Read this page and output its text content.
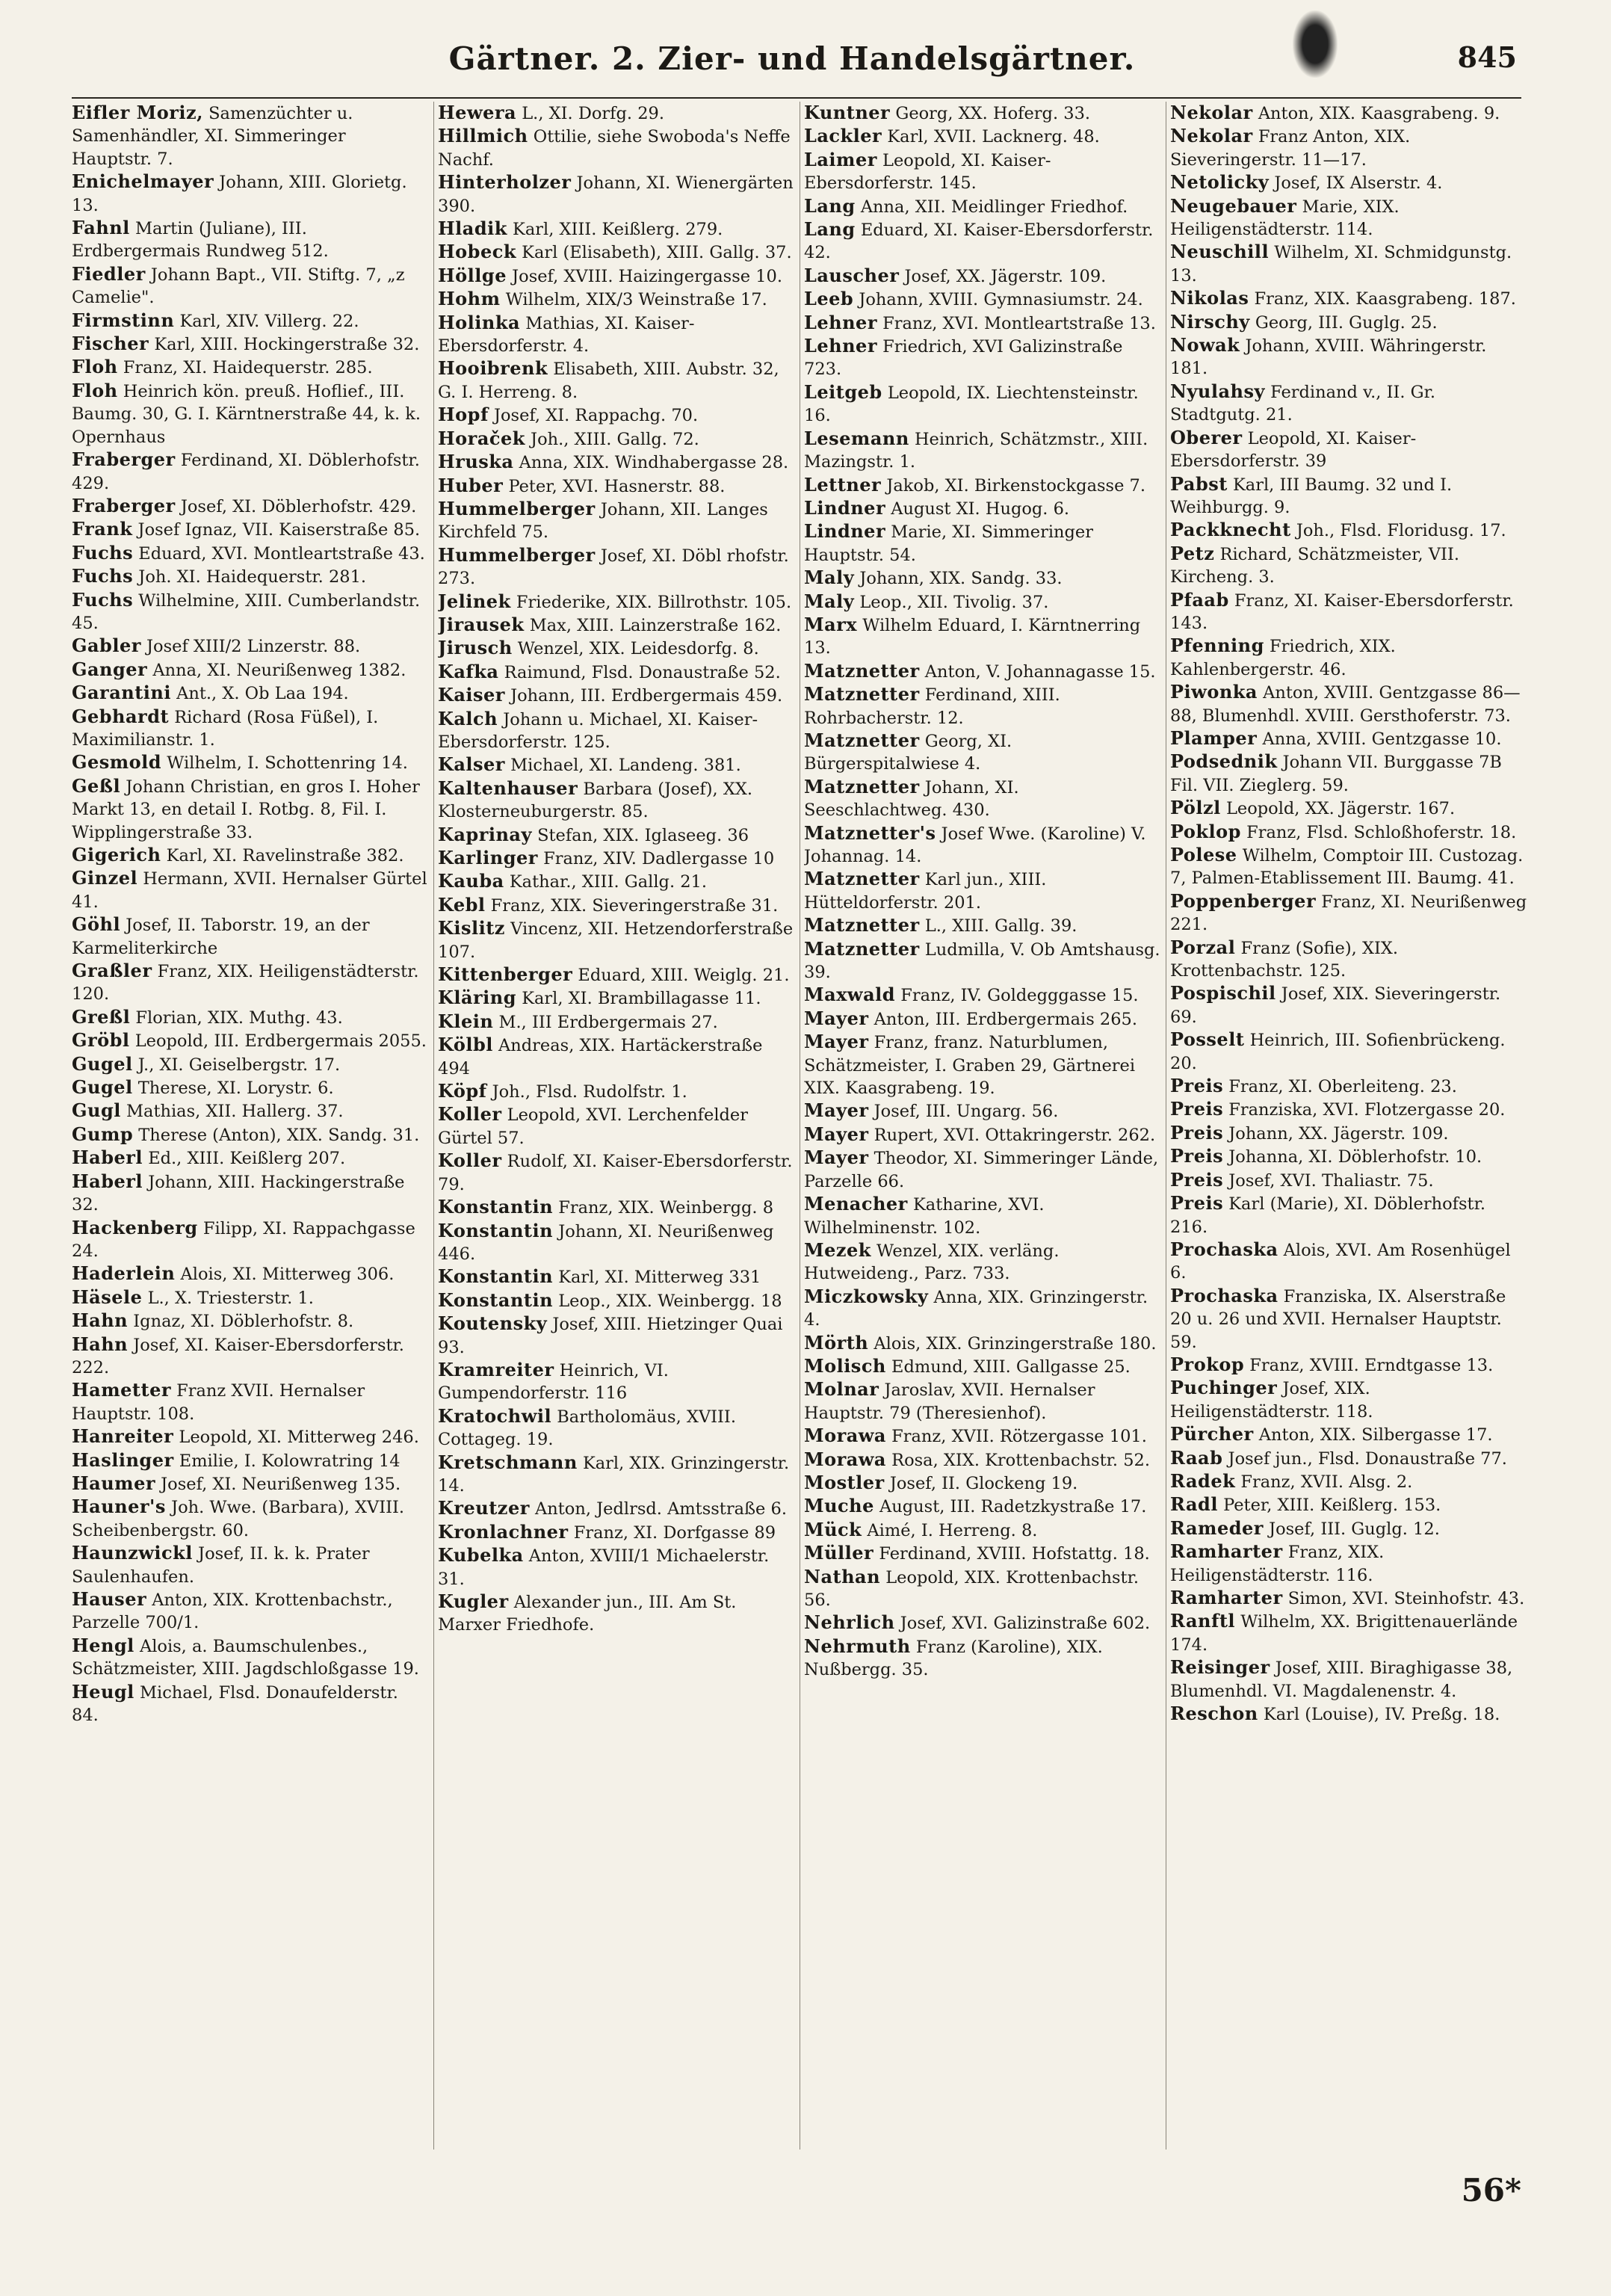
Gärtner. 2. Zier- und Handelsgärtner.	845

Eifler Moriz, Samenzüchter u. Samenhändler, XI. Simmeringer Hauptstr. 7.

Enichelmayer Johann, XIII. Glorietg. 13.

Fahnl Martin (Juliane), III. Erdbergermais Rundweg 512.

Fiedler Johann Bapt., VII. Stiftg. 7, „z Camelie".

Firmstinn Karl, XIV. Villerg. 22.

Fischer Karl, XIII. Hockingerstraße 32.

Floh Franz, XI. Haidequerstr. 285.

Floh Heinrich kön. preuß. Hoflief., III. Baumg. 30, G. I. Kärntnerstraße 44, k. k. Opernhaus

Fraberger Ferdinand, XI. Döblerhofstr. 429.

Fraberger Josef, XI. Döblerhofstr. 429.

Frank Josef Ignaz, VII. Kaiserstraße 85.

Fuchs Eduard, XVI. Montleartstraße 43.

Fuchs Joh. XI. Haidequerstr. 281.

Fuchs Wilhelmine, XIII. Cumberlandstr. 45.

Gabler Josef XIII/2 Linzerstr. 88.

Ganger Anna, XI. Neurißenweg 1382.

Garantini Ant., X. Ob Laa 194.

Gebhardt Richard (Rosa Füßel), I. Maximilianstr. 1.

Gesmold Wilhelm, I. Schottenring 14.

Geßl Johann Christian, en gros I. Hoher Markt 13, en detail I. Rotbg. 8, Fil. I. Wipplingerstraße 33.

Gigerich Karl, XI. Ravelinstraße 382.

Ginzel Hermann, XVII. Hernalser Gürtel 41.

Göhl Josef, II. Taborstr. 19, an der Karmeliterkirche

Graßler Franz, XIX. Heiligenstädterstr. 120.

Greßl Florian, XIX. Muthg. 43.

Gröbl Leopold, III. Erdbergermais 2055.

Gugel J., XI. Geiselbergstr. 17.

Gugel Therese, XI. Lorystr. 6.

Gugl Mathias, XII. Hallerg. 37.

Gump Therese (Anton), XIX. Sandg. 31.

Haberl Ed., XIII. Keißlerg 207.

Haberl Johann, XIII. Hackingerstraße 32.

Hackenberg Filipp, XI. Rappachgasse 24.

Haderlein Alois, XI. Mitterweg 306.

Häsele L., X. Triesterstr. 1.

Hahn Ignaz, XI. Döblerhofstr. 8.

Hahn Josef, XI. Kaiser-Ebersdorferstr. 222.

Hametter Franz XVII. Hernalser Hauptstr. 108.

Hanreiter Leopold, XI. Mitterweg 246.

Haslinger Emilie, I. Kolowratring 14

Haumer Josef, XI. Neurißenweg 135.

Hauner's Joh. Wwe. (Barbara), XVIII. Scheibenbergstr. 60.

Haunzwickl Josef, II. k. k. Prater Saulenhaufen.

Hauser Anton, XIX. Krottenbachstr., Parzelle 700/1.

Hengl Alois, a. Baumschulenbes., Schätzmeister, XIII. Jagdschloßgasse 19.

Heugl Michael, Flsd. Donaufelderstr. 84.

Hewera L., XI. Dorfg. 29.

Hillmich Ottilie, siehe Swoboda's Neffe Nachf.

Hinterholzer Johann, XI. Wienergärten 390.

Hladik Karl, XIII. Keißlerg. 279.

Hobeck Karl (Elisabeth), XIII. Gallg. 37.

Höllge Josef, XVIII. Haizingergasse 10.

Hohm Wilhelm, XIX/3 Weinstraße 17.

Holinka Mathias, XI. Kaiser-Ebersdorferstr. 4.

Hooibrenk Elisabeth, XIII. Aubstr. 32, G. I. Herreng. 8.

Hopf Josef, XI. Rappachg. 70.

Horaček Joh., XIII. Gallg. 72.

Hruska Anna, XIX. Windhabergasse 28.

Huber Peter, XVI. Hasnerstr. 88.

Hummelberger Johann, XII. Langes Kirchfeld 75.

Hummelberger Josef, XI. Döbl rhofstr. 273.

Jelinek Friederike, XIX. Billrothstr. 105.

Jirausek Max, XIII. Lainzerstraße 162.

Jirusch Wenzel, XIX. Leidesdorfg. 8.

Kafka Raimund, Flsd. Donaustraße 52.

Kaiser Johann, III. Erdbergermais 459.

Kalch Johann u. Michael, XI. Kaiser-Ebersdorferstr. 125.

Kalser Michael, XI. Landeng. 381.

Kaltenhauser Barbara (Josef), XX. Klosterneuburgerstr. 85.

Kaprinay Stefan, XIX. Iglaseeg. 36

Karlinger Franz, XIV. Dadlergasse 10

Kauba Kathar., XIII. Gallg. 21.

Kebl Franz, XIX. Sieveringerstraße 31.

Kislitz Vincenz, XII. Hetzendorferstraße 107.

Kittenberger Eduard, XIII. Weiglg. 21.

Kläring Karl, XI. Brambillagasse 11.

Klein M., III Erdbergermais 27.

Kölbl Andreas, XIX. Hartäckerstraße 494

Köpf Joh., Flsd. Rudolfstr. 1.

Koller Leopold, XVI. Lerchenfelder Gürtel 57.

Koller Rudolf, XI. Kaiser-Ebersdorferstr. 79.

Konstantin Franz, XIX. Weinbergg. 8

Konstantin Johann, XI. Neurißenweg 446.

Konstantin Karl, XI. Mitterweg 331

Konstantin Leop., XIX. Weinbergg. 18

Koutensky Josef, XIII. Hietzinger Quai 93.

Kramreiter Heinrich, VI. Gumpendorferstr. 116

Kratochwil Bartholomäus, XVIII. Cottageg. 19.

Kretschmann Karl, XIX. Grinzingerstr. 14.

Kreutzer Anton, Jedlrsd. Amtsstraße 6.

Kronlachner Franz, XI. Dorfgasse 89

Kubelka Anton, XVIII/1 Michaelerstr. 31.

Kugler Alexander jun., III. Am St. Marxer Friedhofe.

Kuntner Georg, XX. Hoferg. 33.

Lackler Karl, XVII. Lacknerg. 48.

Laimer Leopold, XI. Kaiser-Ebersdorferstr. 145.

Lang Anna, XII. Meidlinger Friedhof.

Lang Eduard, XI. Kaiser-Ebersdorferstr. 42.

Lauscher Josef, XX. Jägerstr. 109.

Leeb Johann, XVIII. Gymnasiumstr. 24.

Lehner Franz, XVI. Montleartstraße 13.

Lehner Friedrich, XVI Galizinstraße 723.

Leitgeb Leopold, IX. Liechtensteinstr. 16.

Lesemann Heinrich, Schätzmstr., XIII. Mazingstr. 1.

Lettner Jakob, XI. Birkenstockgasse 7.

Lindner August XI. Hugog. 6.

Lindner Marie, XI. Simmeringer Hauptstr. 54.

Maly Johann, XIX. Sandg. 33.

Maly Leop., XII. Tivolig. 37.

Marx Wilhelm Eduard, I. Kärntnerring 13.

Matznetter Anton, V. Johannagasse 15.

Matznetter Ferdinand, XIII. Rohrbacherstr. 12.

Matznetter Georg, XI. Bürgerspitalwiese 4.

Matznetter Johann, XI. Seeschlachtweg. 430.

Matznetter's Josef Wwe. (Karoline) V. Johannag. 14.

Matznetter Karl jun., XIII. Hütteldorferstr. 201.

Matznetter L., XIII. Gallg. 39.

Matznetter Ludmilla, V. Ob Amtshausg. 39.

Maxwald Franz, IV. Goldegggasse 15.

Mayer Anton, III. Erdbergermais 265.

Mayer Franz, franz. Naturblumen, Schätzmeister, I. Graben 29, Gärtnerei XIX. Kaasgrabeng. 19.

Mayer Josef, III. Ungarg. 56.

Mayer Rupert, XVI. Ottakringerstr. 262.

Mayer Theodor, XI. Simmeringer Lände, Parzelle 66.

Menacher Katharine, XVI. Wilhelminenstr. 102.

Mezek Wenzel, XIX. verläng. Hutweideng., Parz. 733.

Miczkowsky Anna, XIX. Grinzingerstr. 4.

Mörth Alois, XIX. Grinzingerstraße 180.

Molisch Edmund, XIII. Gallgasse 25.

Molnar Jaroslav, XVII. Hernalser Hauptstr. 79 (Theresienhof).

Morawa Franz, XVII. Rötzergasse 101.

Morawa Rosa, XIX. Krottenbachstr. 52.

Mostler Josef, II. Glockeng 19.

Muche August, III. Radetzkystraße 17.

Mück Aimé, I. Herreng. 8.

Müller Ferdinand, XVIII. Hofstattg. 18.

Nathan Leopold, XIX. Krottenbachstr. 56.

Nehrlich Josef, XVI. Galizinstraße 602.

Nehrmuth Franz (Karoline), XIX. Nußbergg. 35.

Nekolar Anton, XIX. Kaasgrabeng. 9.

Nekolar Franz Anton, XIX. Sieveringerstr. 11—17.

Netolicky Josef, IX Alserstr. 4.

Neugebauer Marie, XIX. Heiligenstädterstr. 114.

Neuschill Wilhelm, XI. Schmidgunstg. 13.

Nikolas Franz, XIX. Kaasgrabeng. 187.

Nirschy Georg, III. Guglg. 25.

Nowak Johann, XVIII. Währingerstr. 181.

Nyulahsy Ferdinand v., II. Gr. Stadtgutg. 21.

Oberer Leopold, XI. Kaiser-Ebersdorferstr. 39

Pabst Karl, III Baumg. 32 und I. Weihburgg. 9.

Packknecht Joh., Flsd. Floridusg. 17.

Petz Richard, Schätzmeister, VII. Kircheng. 3.

Pfaab Franz, XI. Kaiser-Ebersdorferstr. 143.

Pfenning Friedrich, XIX. Kahlenbergerstr. 46.

Piwonka Anton, XVIII. Gentzgasse 86—88, Blumenhdl. XVIII. Gersthoferstr. 73.

Plamper Anna, XVIII. Gentzgasse 10.

Podsednik Johann VII. Burggasse 7B Fil. VII. Zieglerg. 59.

Pölzl Leopold, XX. Jägerstr. 167.

Poklop Franz, Flsd. Schloßhoferstr. 18.

Polese Wilhelm, Comptoir III. Custozag. 7, Palmen-Etablissement III. Baumg. 41.

Poppenberger Franz, XI. Neurißenweg 221.

Porzal Franz (Sofie), XIX. Krottenbachstr. 125.

Pospischil Josef, XIX. Sieveringerstr. 69.

Posselt Heinrich, III. Sofienbrückeng. 20.

Preis Franz, XI. Oberleiteng. 23.

Preis Franziska, XVI. Flotzergasse 20.

Preis Johann, XX. Jägerstr. 109.

Preis Johanna, XI. Döblerhofstr. 10.

Preis Josef, XVI. Thaliastr. 75.

Preis Karl (Marie), XI. Döblerhofstr. 216.

Prochaska Alois, XVI. Am Rosenhügel 6.

Prochaska Franziska, IX. Alserstraße 20 u. 26 und XVII. Hernalser Hauptstr. 59.

Prokop Franz, XVIII. Erndtgasse 13.

Puchinger Josef, XIX. Heiligenstädterstr. 118.

Pürcher Anton, XIX. Silbergasse 17.

Raab Josef jun., Flsd. Donaustraße 77.

Radek Franz, XVII. Alsg. 2.

Radl Peter, XIII. Keißlerg. 153.

Rameder Josef, III. Guglg. 12.

Ramharter Franz, XIX. Heiligenstädterstr. 116.

Ramharter Simon, XVI. Steinhofstr. 43.

Ranftl Wilhelm, XX. Brigittenauerlände 174.

Reisinger Josef, XIII. Biraghigasse 38, Blumenhdl. VI. Magdalenenstr. 4.

Reschon Karl (Louise), IV. Preßg. 18.

56*
